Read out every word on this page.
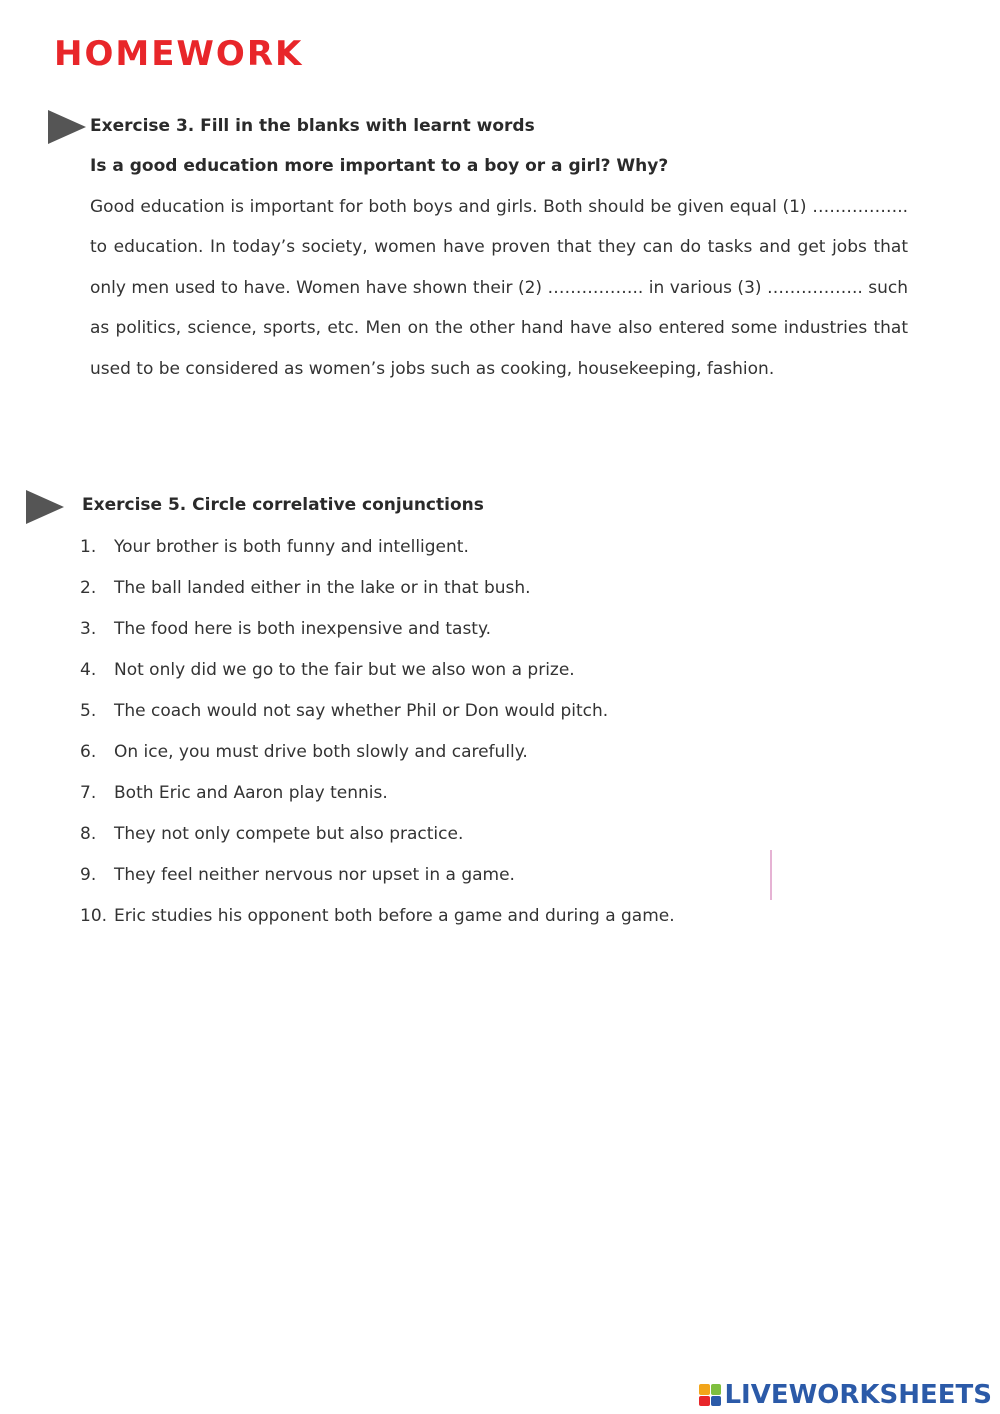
HOMEWORK
Exercise 3. Fill in the blanks with learnt words
Is a good education more important to a boy or a girl? Why?
Good education is important for both boys and girls. Both should be given equal (1) …………….. to education. In today’s society, women have proven that they can do tasks and get jobs that only men used to have. Women have shown their (2) …………….. in various (3) …………….. such as politics, science, sports, etc. Men on the other hand have also entered some industries that used to be considered as women’s jobs such as cooking, housekeeping, fashion.
Exercise 5. Circle correlative conjunctions
1. Your brother is both funny and intelligent.
2. The ball landed either in the lake or in that bush.
3. The food here is both inexpensive and tasty.
4. Not only did we go to the fair but we also won a prize.
5. The coach would not say whether Phil or Don would pitch.
6. On ice, you must drive both slowly and carefully.
7. Both Eric and Aaron play tennis.
8. They not only compete but also practice.
9. They feel neither nervous nor upset in a game.
10. Eric studies his opponent both before a game and during a game.
LIVEWORKSHEETS
